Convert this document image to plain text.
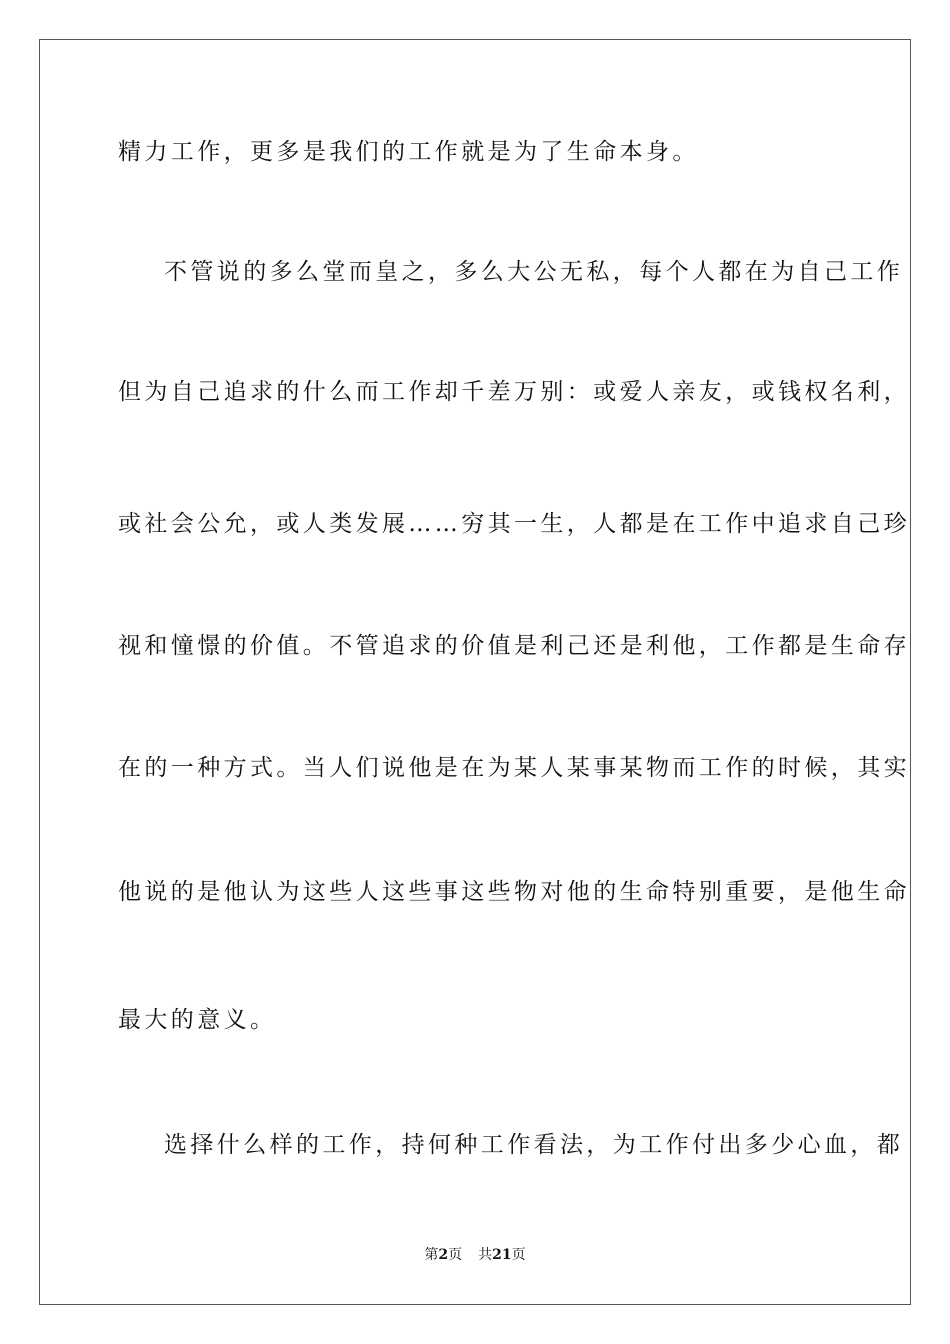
精力工作，更多是我们的工作就是为了生命本身。
不管说的多么堂而皇之，多么大公无私，每个人都在为自己工作
但为自己追求的什么而工作却千差万别：或爱人亲友，或钱权名利，
或社会公允，或人类发展……穷其一生，人都是在工作中追求自己珍
视和憧憬的价值。不管追求的价值是利己还是利他，工作都是生命存
在的一种方式。当人们说他是在为某人某事某物而工作的时候，其实
他说的是他认为这些人这些事这些物对他的生命特别重要，是他生命
最大的意义。
选择什么样的工作，持何种工作看法，为工作付出多少心血，都
第2页 共21页
